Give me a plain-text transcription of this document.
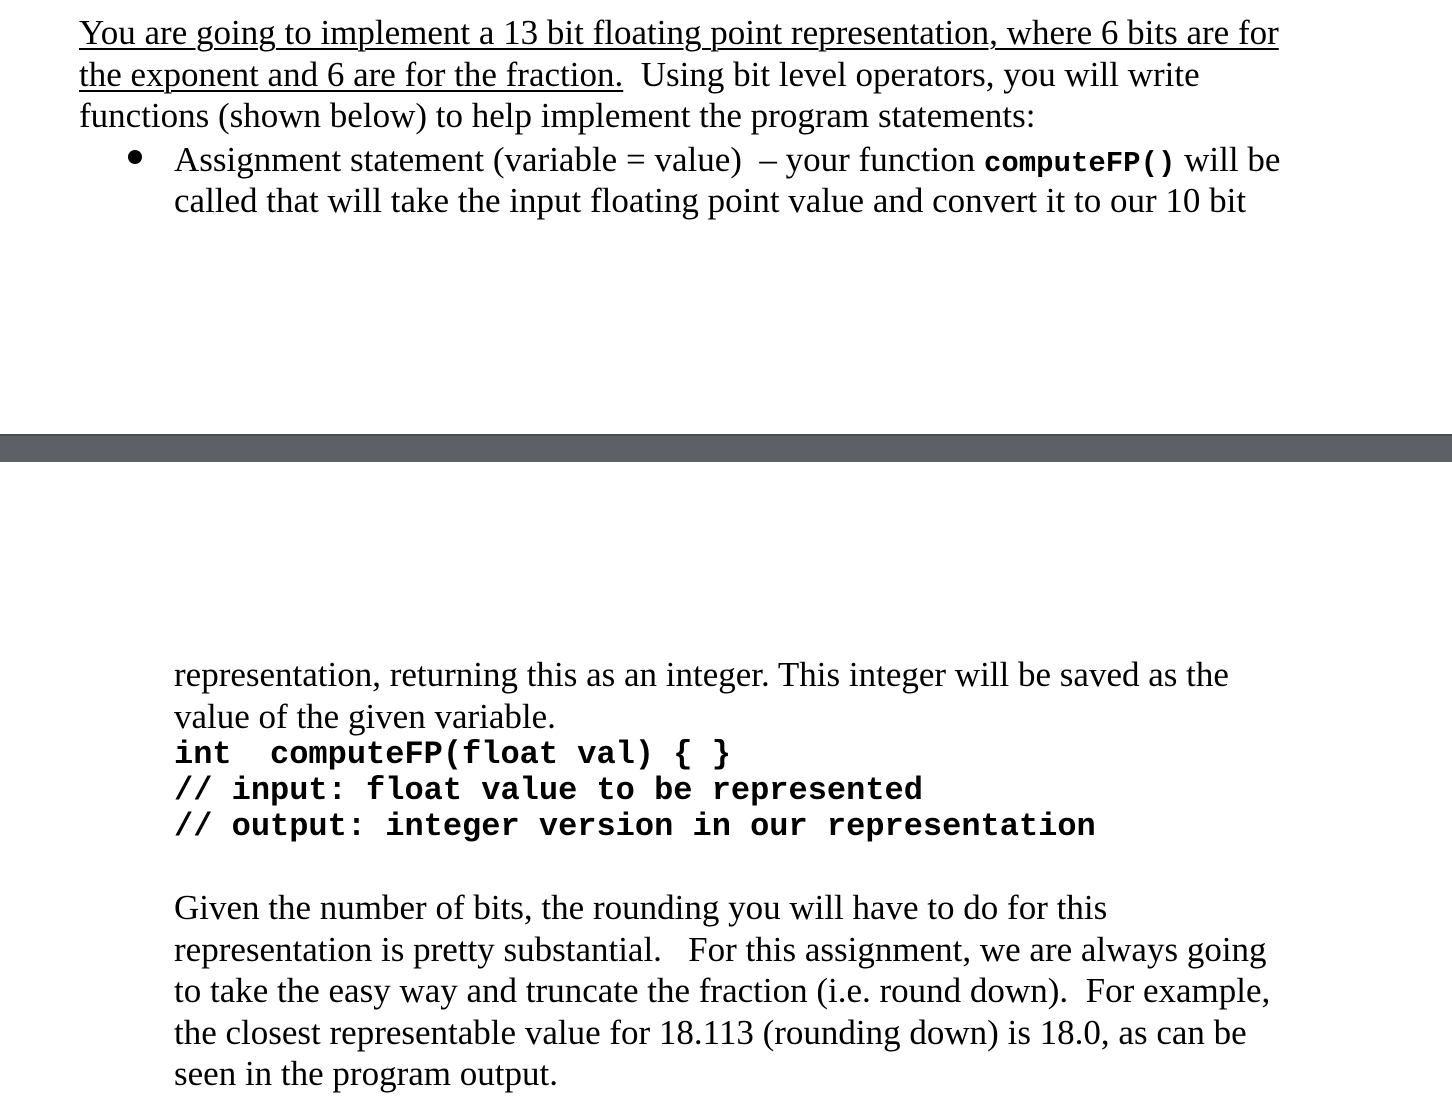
You are going to implement a 13 bit floating point representation, where 6 bits are for
the exponent and 6 are for the fraction.  Using bit level operators, you will write
functions (shown below) to help implement the program statements:
Assignment statement (variable = value)  – your function computeFP() will be
called that will take the input floating point value and convert it to our 10 bit
representation, returning this as an integer. This integer will be saved as the
value of the given variable.
int  computeFP(float val) { }
// input: float value to be represented
// output: integer version in our representation
Given the number of bits, the rounding you will have to do for this
representation is pretty substantial.   For this assignment, we are always going
to take the easy way and truncate the fraction (i.e. round down).  For example,
the closest representable value for 18.113 (rounding down) is 18.0, as can be
seen in the program output.
